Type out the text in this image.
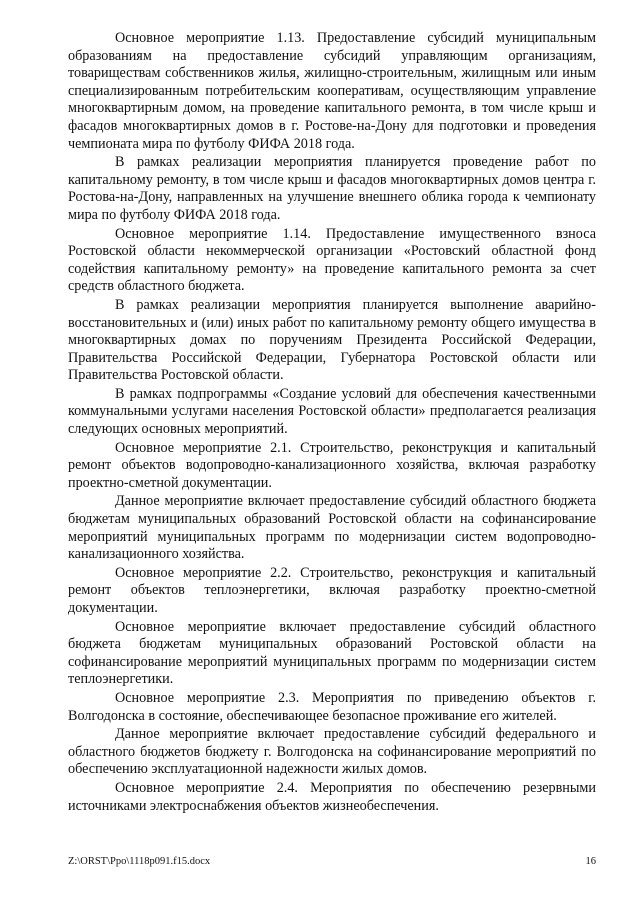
Основное мероприятие 1.13. Предоставление субсидий муниципальным образованиям на предоставление субсидий управляющим организациям, товариществам собственников жилья, жилищно-строительным, жилищным или иным специализированным потребительским кооперативам, осуществляющим управление многоквартирным домом, на проведение капитального ремонта, в том числе крыш и фасадов многоквартирных домов в г. Ростове-на-Дону для подготовки и проведения чемпионата мира по футболу ФИФА 2018 года.

В рамках реализации мероприятия планируется проведение работ по капитальному ремонту, в том числе крыш и фасадов многоквартирных домов центра г. Ростова-на-Дону, направленных на улучшение внешнего облика города к чемпионату мира по футболу ФИФА 2018 года.

Основное мероприятие 1.14. Предоставление имущественного взноса Ростовской области некоммерческой организации «Ростовский областной фонд содействия капитальному ремонту» на проведение капитального ремонта за счет средств областного бюджета.

В рамках реализации мероприятия планируется выполнение аварийно-восстановительных и (или) иных работ по капитальному ремонту общего имущества в многоквартирных домах по поручениям Президента Российской Федерации, Правительства Российской Федерации, Губернатора Ростовской области или Правительства Ростовской области.

В рамках подпрограммы «Создание условий для обеспечения качественными коммунальными услугами населения Ростовской области» предполагается реализация следующих основных мероприятий.

Основное мероприятие 2.1. Строительство, реконструкция и капитальный ремонт объектов водопроводно-канализационного хозяйства, включая разработку проектно-сметной документации.

Данное мероприятие включает предоставление субсидий областного бюджета бюджетам муниципальных образований Ростовской области на софинансирование мероприятий муниципальных программ по модернизации систем водопроводно-канализационного хозяйства.

Основное мероприятие 2.2. Строительство, реконструкция и капитальный ремонт объектов теплоэнергетики, включая разработку проектно-сметной документации.

Основное мероприятие включает предоставление субсидий областного бюджета бюджетам муниципальных образований Ростовской области на софинансирование мероприятий муниципальных программ по модернизации систем теплоэнергетики.

Основное мероприятие 2.3. Мероприятия по приведению объектов г. Волгодонска в состояние, обеспечивающее безопасное проживание его жителей.

Данное мероприятие включает предоставление субсидий федерального и областного бюджетов бюджету г. Волгодонска на софинансирование мероприятий по обеспечению эксплуатационной надежности жилых домов.

Основное мероприятие 2.4. Мероприятия по обеспечению резервными источниками электроснабжения объектов жизнеобеспечения.

Z:\ORST\Ppo\1118p091.f15.docx	16
